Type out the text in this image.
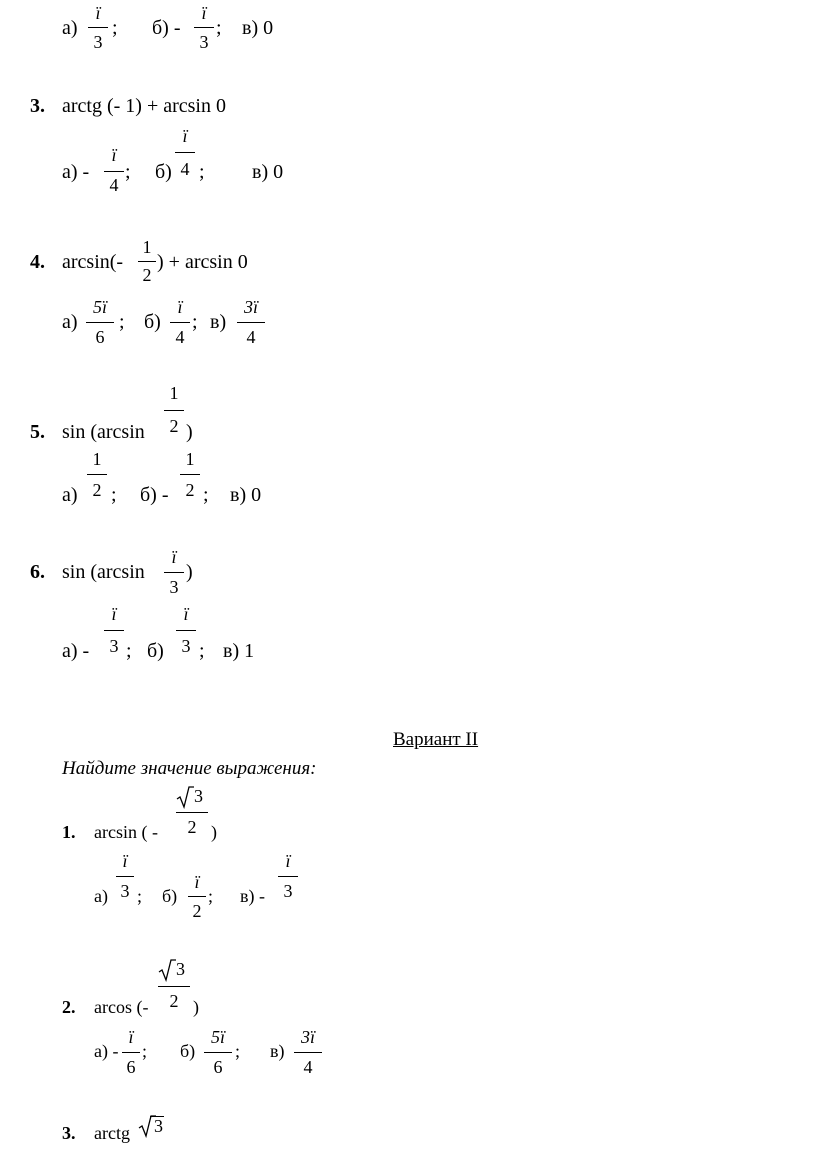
а)
ï
3
; б) -
ï
3
; в) 0
3. arctg (- 1) + arcsin 0
а) -
ï
4
; б)
ï
4 ; в) 0
4. arcsin(-
1
2
) + arcsin 0
а)
5ï
6
; б)
ï
4
; в)
3ï
4
5. sin (arcsin
1
2 )
а)
1
2 ; б) -
1
2 ; в) 0
6. sin (arcsin
ï
3
)
а) -
ï
3 ; б)
ï
3 ; в) 1
Вариант II
Найдите значение выражения:
1. arcsin ( -
3
2 )
а)
ï
3 ; б)
ï
2
; в) -
ï
3
2. arcos (-
3
2 )
а) -
ï
6
; б)
5ï
6
; в)
3ï
4
3. arctg 3
